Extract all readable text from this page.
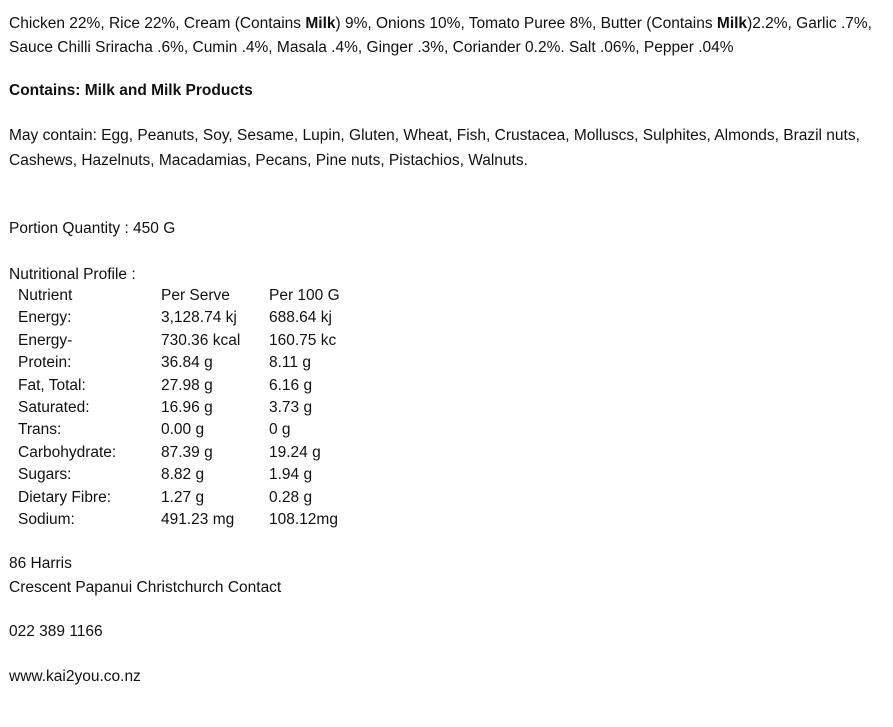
Chicken 22%, Rice 22%, Cream (Contains Milk) 9%, Onions 10%, Tomato Puree 8%, Butter (Contains Milk)2.2%, Garlic .7%, Sauce Chilli Sriracha .6%, Cumin .4%, Masala .4%, Ginger .3%, Coriander 0.2%. Salt .06%, Pepper .04%

Contains: Milk and Milk Products
May contain: Egg, Peanuts, Soy, Sesame, Lupin, Gluten, Wheat, Fish, Crustacea, Molluscs, Sulphites, Almonds, Brazil nuts, Cashews, Hazelnuts, Macadamias, Pecans, Pine nuts, Pistachios, Walnuts.
Portion Quantity : 450 G
Nutritional Profile :
Nutrient	Per Serve	Per 100 G
Energy:	3,128.74 kj	688.64 kj
Energy-	730.36 kcal	160.75 kc
Protein:	36.84 g	8.11 g
Fat, Total:	27.98 g	6.16 g
Saturated:	16.96 g	3.73 g
Trans:	0.00 g	0 g
Carbohydrate:	87.39 g	19.24 g
Sugars:	8.82 g	1.94 g
Dietary Fibre:	1.27 g	0.28 g
Sodium:	491.23 mg	108.12mg
86 Harris
Crescent Papanui Christchurch Contact
022 389 1166
www.kai2you.co.nz
